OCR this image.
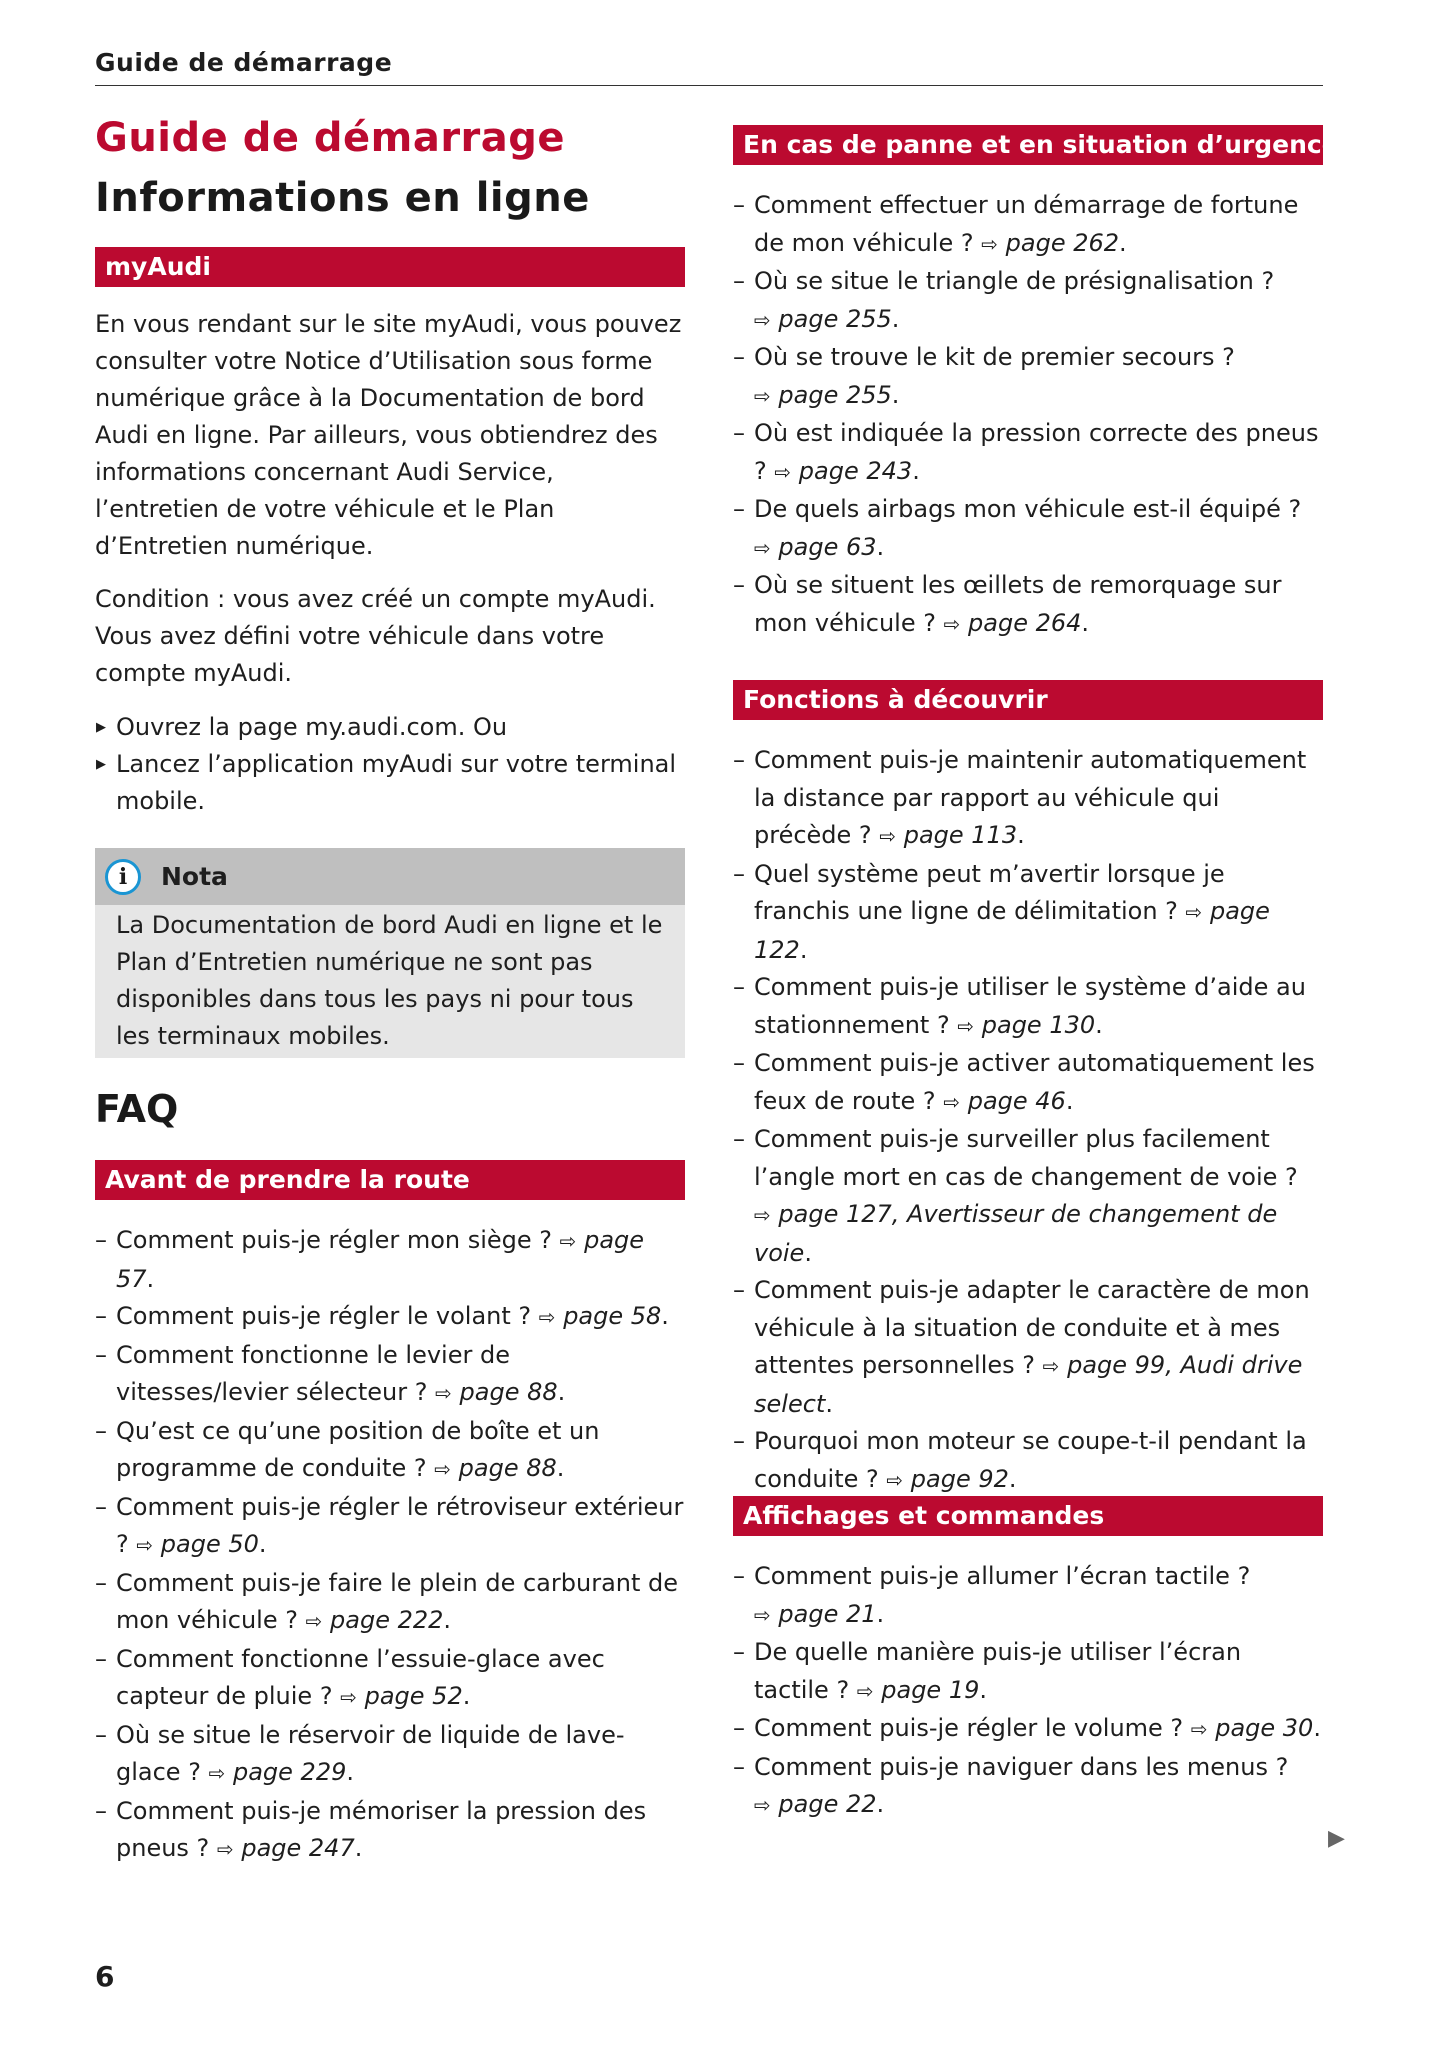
Guide de démarrage
Guide de démarrage
Informations en ligne
myAudi

En vous rendant sur le site myAudi, vous pouvez consulter votre Notice d’Utilisation sous forme numérique grâce à la Documentation de bord Audi en ligne. Par ailleurs, vous obtiendrez des informations concernant Audi Service, l’entretien de votre véhicule et le Plan d’Entretien numérique.

Condition : vous avez créé un compte myAudi. Vous avez défini votre véhicule dans votre compte myAudi.

▶ Ouvrez la page my.audi.com. Ou
▶ Lancez l’application myAudi sur votre terminal mobile.
i	Nota

La Documentation de bord Audi en ligne et le Plan d’Entretien numérique ne sont pas disponibles dans tous les pays ni pour tous les terminaux mobiles.

FAQ
Avant de prendre la route
– Comment puis-je régler mon siège ? ⇨ page 57.
– Comment puis-je régler le volant ? ⇨ page 58.
– Comment fonctionne le levier de vitesses/levier sélecteur ? ⇨ page 88.
– Qu’est ce qu’une position de boîte et un programme de conduite ? ⇨ page 88.
– Comment puis-je régler le rétroviseur extérieur ? ⇨ page 50.
– Comment puis-je faire le plein de carburant de mon véhicule ? ⇨ page 222.
– Comment fonctionne l’essuie-glace avec capteur de pluie ? ⇨ page 52.
– Où se situe le réservoir de liquide de lave-glace ? ⇨ page 229.
– Comment puis-je mémoriser la pression des pneus ? ⇨ page 247.
En cas de panne et en situation d’urgence
– Comment effectuer un démarrage de fortune de mon véhicule ? ⇨ page 262.
– Où se situe le triangle de présignalisation ? ⇨ page 255.
– Où se trouve le kit de premier secours ? ⇨ page 255.
– Où est indiquée la pression correcte des pneus ? ⇨ page 243.
– De quels airbags mon véhicule est-il équipé ? ⇨ page 63.
– Où se situent les œillets de remorquage sur mon véhicule ? ⇨ page 264.
Fonctions à découvrir
– Comment puis-je maintenir automatiquement la distance par rapport au véhicule qui précède ? ⇨ page 113.
– Quel système peut m’avertir lorsque je franchis une ligne de délimitation ? ⇨ page 122.
– Comment puis-je utiliser le système d’aide au stationnement ? ⇨ page 130.
– Comment puis-je activer automatiquement les feux de route ? ⇨ page 46.
– Comment puis-je surveiller plus facilement l’angle mort en cas de changement de voie ? ⇨ page 127, Avertisseur de changement de voie.
– Comment puis-je adapter le caractère de mon véhicule à la situation de conduite et à mes attentes personnelles ? ⇨ page 99, Audi drive select.
– Pourquoi mon moteur se coupe-t-il pendant la conduite ? ⇨ page 92.
Affichages et commandes
– Comment puis-je allumer l’écran tactile ? ⇨ page 21.
– De quelle manière puis-je utiliser l’écran tactile ? ⇨ page 19.
– Comment puis-je régler le volume ? ⇨ page 30.
– Comment puis-je naviguer dans les menus ? ⇨ page 22.
▶
6
